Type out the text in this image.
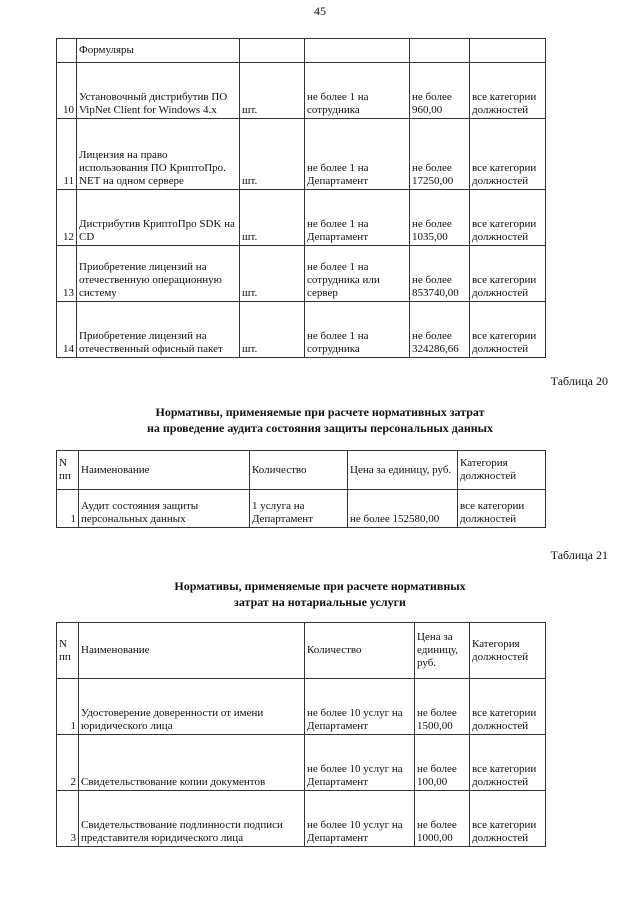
45
	Формуляры				
10	Установочный дистрибутив ПО VipNet Client for Windows 4.x	шт.	не более 1 на сотрудника	не более 960,00	все категории должностей
11	Лицензия на право использования ПО КриптоПро. NET на одном сервере	шт.	не более 1 на Департамент	не более 17250,00	все категории должностей
12	Дистрибутив КриптоПро SDK на CD	шт.	не более 1 на Департамент	не более 1035,00	все категории должностей
13	Приобретение лицензий на отечественную операционную систему	шт.	не более 1 на сотрудника или сервер	не более 853740,00	все категории должностей
14	Приобретение лицензий на отечественный офисный пакет	шт.	не более 1 на сотрудника	не более 324286,66	все категории должностей
Таблица 20
Нормативы, применяемые при расчете нормативных затрат
на проведение аудита состояния защиты персональных данных
N пп	Наименование	Количество	Цена за единицу, руб.	Категория должностей
1	Аудит состояния защиты персональных данных	1 услуга на Департамент	не более 152580,00	все категории должностей
Таблица 21
Нормативы, применяемые при расчете нормативных
затрат на нотариальные услуги
N пп	Наименование	Количество	Цена за единицу, руб.	Категория должностей
1	Удостоверение доверенности от имени юридического лица	не более 10 услуг на Департамент	не более 1500,00	все категории должностей
2	Свидетельствование копии документов	не более 10 услуг на Департамент	не более 100,00	все категории должностей
3	Свидетельствование подлинности подписи представителя юридического лица	не более 10 услуг на Департамент	не более 1000,00	все категории должностей
